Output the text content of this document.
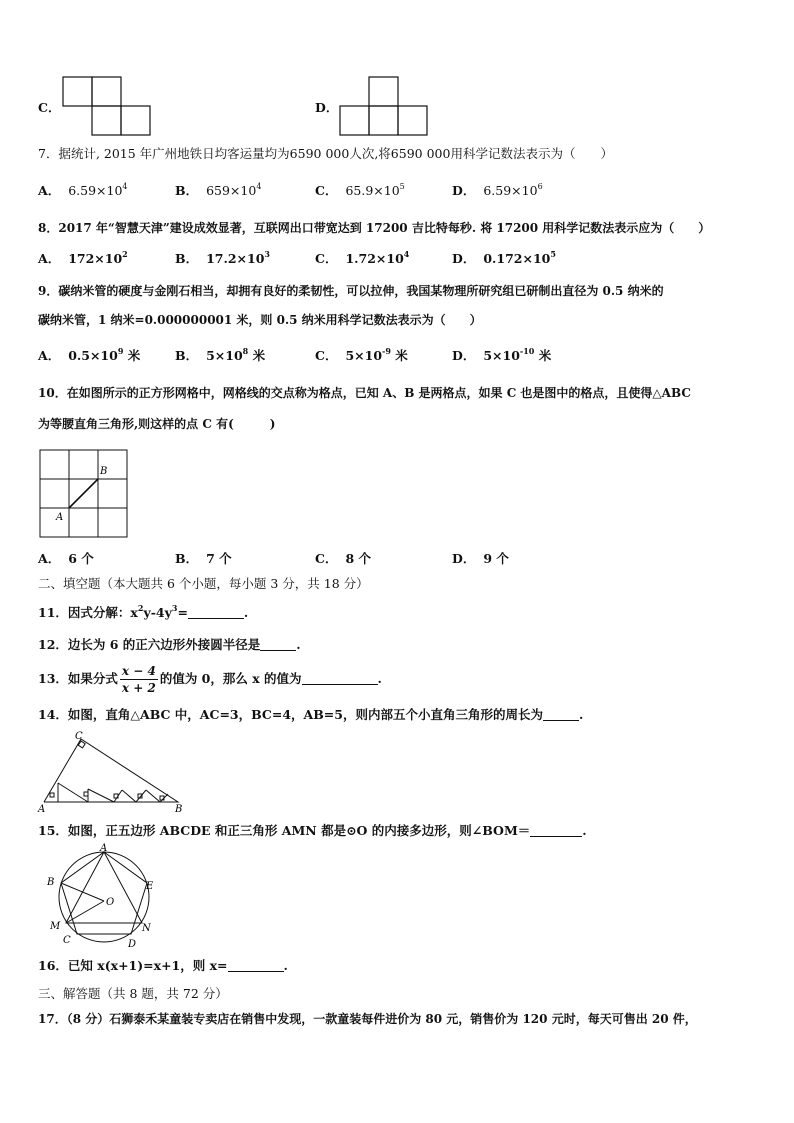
C．	D．
7．据统计, 2015 年广州地铁日均客运量均为6590 000人次,将6590 000用科学记数法表示为（　　）
A． $6.59\times 10^4$	B． $659\times 10^4$	C． $65.9\times 10^5$	D． $6.59\times 10^6$
8．2017 年“智慧天津”建设成效显著，互联网出口带宽达到 17200 吉比特每秒. 将 17200 用科学记数法表示应为（　　）
A． $172\times 10^2$	B． $17.2\times 10^3$	C． $1.72\times 10^4$	D． $0.172\times 10^5$
9．碳纳米管的硬度与金刚石相当，却拥有良好的柔韧性，可以拉伸，我国某物理所研究组已研制出直径为 0.5 纳米的
碳纳米管，1 纳米=0.000000001 米，则 0.5 纳米用科学记数法表示为（　　）
A． $0.5\times 10^9$ 米	B． $5\times 10^8$ 米	C． $5\times 10^{-9}$ 米	D． $5\times 10^{-10}$ 米
10．在如图所示的正方形网格中，网格线的交点称为格点，已知 A、B 是两格点，如果 C 也是图中的格点，且使得△ABC
为等腰直角三角形,则这样的点 C 有(　　　)
A
B
A． 6 个	B． 7 个	C． 8 个	D． 9 个
二、填空题（本大题共 6 个小题，每小题 3 分，共 18 分）
11．因式分解：$x^2y-4y^3=$	.
12．边长为 6 的正六边形外接圆半径是	.
13．如果分式 $\frac{x - 4}{x + 2}$ 的值为 0，那么 x 的值为	.
14．如图，直角△ABC 中，AC=3，BC=4，AB=5，则内部五个小直角三角形的周长为	.
C
A	B
15．如图，正五边形 ABCDE 和正三角形 AMN 都是⊙O 的内接多边形，则∠BOM＝	.
A
B	E
O
M	N
C	D
16．已知 x(x+1)=x+1，则 x=	.
三、解答题（共 8 题，共 72 分）
17．（8 分）石狮泰禾某童装专卖店在销售中发现，一款童装每件进价为 80 元，销售价为 120 元时，每天可售出 20 件，
